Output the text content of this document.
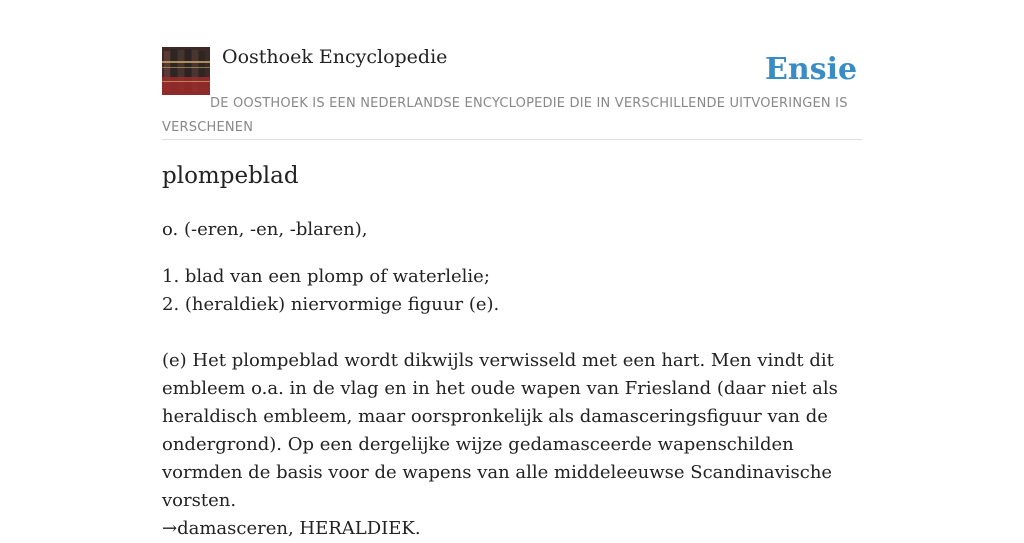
Oosthoek Encyclopedie	Ensie

DE OOSTHOEK IS EEN NEDERLANDSE ENCYCLOPEDIE DIE IN VERSCHILLENDE UITVOERINGEN IS VERSCHENEN

plompeblad

o. (-eren, -en, -blaren),

1. blad van een plomp of waterlelie;
2. (heraldiek) niervormige figuur (e).

(e) Het plompeblad wordt dikwijls verwisseld met een hart. Men vindt dit embleem o.a. in de vlag en in het oude wapen van Friesland (daar niet als heraldisch embleem, maar oorspronkelijk als damasceringsfiguur van de ondergrond). Op een dergelijke wijze gedamasceerde wapenschilden vormden de basis voor de wapens van alle middeleeuwse Scandinavische vorsten.
→damasceren, HERALDIEK.
